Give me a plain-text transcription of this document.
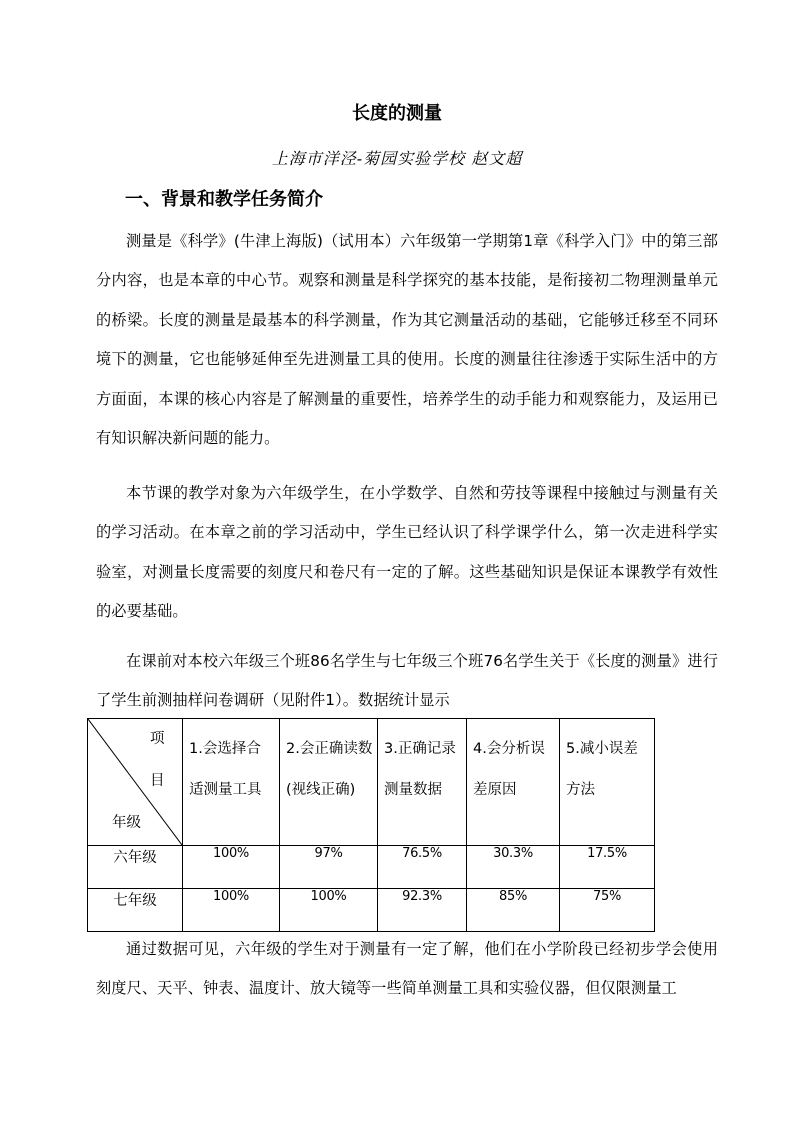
长度的测量

上海市洋泾-菊园实验学校 赵文超

一、背景和教学任务简介

测量是《科学》(牛津上海版)（试用本）六年级第一学期第1章《科学入门》中的第三部分内容，也是本章的中心节。观察和测量是科学探究的基本技能，是衔接初二物理测量单元的桥梁。长度的测量是最基本的科学测量，作为其它测量活动的基础，它能够迁移至不同环境下的测量，它也能够延伸至先进测量工具的使用。长度的测量往往渗透于实际生活中的方方面面，本课的核心内容是了解测量的重要性，培养学生的动手能力和观察能力，及运用已有知识解决新问题的能力。

本节课的教学对象为六年级学生，在小学数学、自然和劳技等课程中接触过与测量有关的学习活动。在本章之前的学习活动中，学生已经认识了科学课学什么，第一次走进科学实验室，对测量长度需要的刻度尺和卷尺有一定的了解。这些基础知识是保证本课教学有效性的必要基础。

在课前对本校六年级三个班86名学生与七年级三个班76名学生关于《长度的测量》进行了学生前测抽样问卷调研（见附件1）。数据统计显示

项
目
年级	1.会选择合适测量工具	2.会正确读数(视线正确)	3.正确记录测量数据	4.会分析误差原因	5.减小误差方法

六年级	100%	97%	76.5%	30.3%	17.5%
七年级	100%	100%	92.3%	85%	75%

通过数据可见，六年级的学生对于测量有一定了解，他们在小学阶段已经初步学会使用刻度尺、天平、钟表、温度计、放大镜等一些简单测量工具和实验仪器，但仅限测量工
